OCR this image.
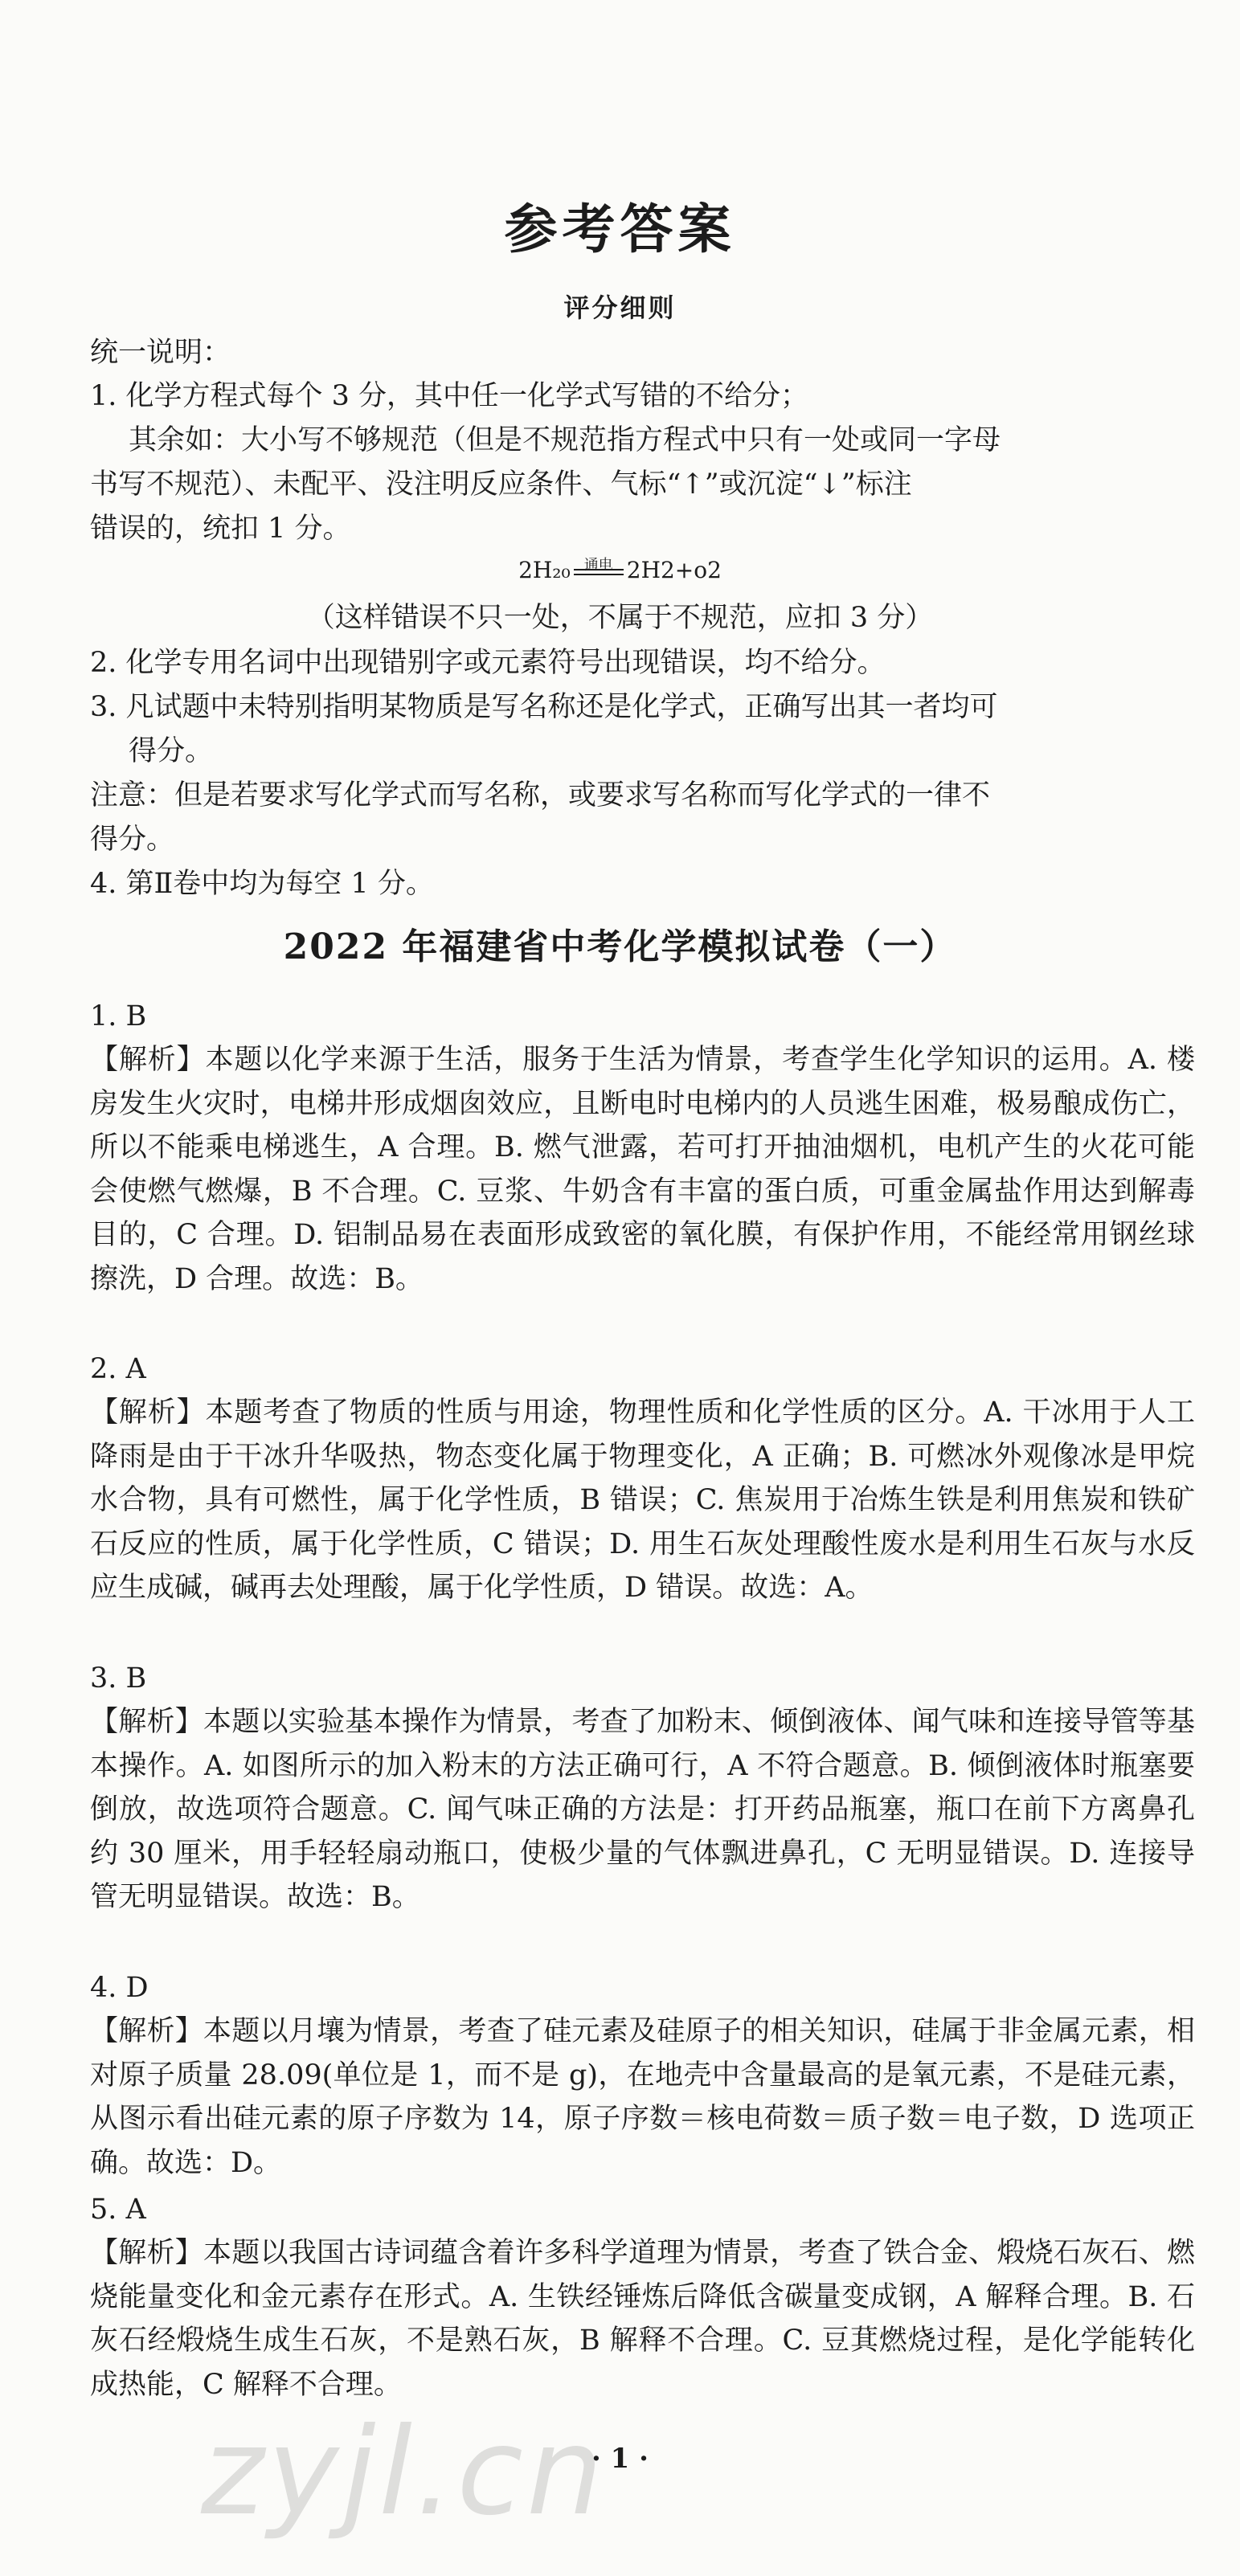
参考答案
评分细则
统一说明：
1. 化学方程式每个 3 分，其中任一化学式写错的不给分；
其余如：大小写不够规范（但是不规范指方程式中只有一处或同一字母
书写不规范）、未配平、没注明反应条件、气标“↑”或沉淀“↓”标注
错误的，统扣 1 分。
2H₂₀ 通电 2H2+o2
（这样错误不只一处，不属于不规范，应扣 3 分）
2. 化学专用名词中出现错别字或元素符号出现错误，均不给分。
3. 凡试题中未特别指明某物质是写名称还是化学式，正确写出其一者均可
得分。
注意：但是若要求写化学式而写名称，或要求写名称而写化学式的一律不
得分。
4. 第Ⅱ卷中均为每空 1 分。
2022 年福建省中考化学模拟试卷（一）
1. B
【解析】本题以化学来源于生活，服务于生活为情景，考查学生化学知识的运用。A. 楼房发生火灾时，电梯井形成烟囱效应，且断电时电梯内的人员逃生困难，极易酿成伤亡，所以不能乘电梯逃生，A 合理。B. 燃气泄露，若可打开抽油烟机，电机产生的火花可能会使燃气燃爆，B 不合理。C. 豆浆、牛奶含有丰富的蛋白质，可重金属盐作用达到解毒目的，C 合理。D. 铝制品易在表面形成致密的氧化膜，有保护作用，不能经常用钢丝球擦洗，D 合理。故选：B。
2. A
【解析】本题考查了物质的性质与用途，物理性质和化学性质的区分。A. 干冰用于人工降雨是由于干冰升华吸热，物态变化属于物理变化，A 正确；B. 可燃冰外观像冰是甲烷水合物，具有可燃性，属于化学性质，B 错误；C. 焦炭用于冶炼生铁是利用焦炭和铁矿石反应的性质，属于化学性质，C 错误；D. 用生石灰处理酸性废水是利用生石灰与水反应生成碱，碱再去处理酸，属于化学性质，D 错误。故选：A。
3. B
【解析】本题以实验基本操作为情景，考查了加粉末、倾倒液体、闻气味和连接导管等基本操作。A. 如图所示的加入粉末的方法正确可行，A 不符合题意。B. 倾倒液体时瓶塞要倒放，故选项符合题意。C. 闻气味正确的方法是：打开药品瓶塞，瓶口在前下方离鼻孔约 30 厘米，用手轻轻扇动瓶口，使极少量的气体飘进鼻孔，C 无明显错误。D. 连接导管无明显错误。故选：B。
4. D
【解析】本题以月壤为情景，考查了硅元素及硅原子的相关知识，硅属于非金属元素，相对原子质量 28.09(单位是 1，而不是 g)，在地壳中含量最高的是氧元素，不是硅元素，从图示看出硅元素的原子序数为 14，原子序数＝核电荷数＝质子数＝电子数，D 选项正确。故选：D。
5. A
【解析】本题以我国古诗词蕴含着许多科学道理为情景，考查了铁合金、煅烧石灰石、燃烧能量变化和金元素存在形式。A. 生铁经锤炼后降低含碳量变成钢，A 解释合理。B. 石灰石经煅烧生成生石灰，不是熟石灰，B 解释不合理。C. 豆萁燃烧过程，是化学能转化成热能，C 解释不合理。
zyjl.cn
· 1 ·
